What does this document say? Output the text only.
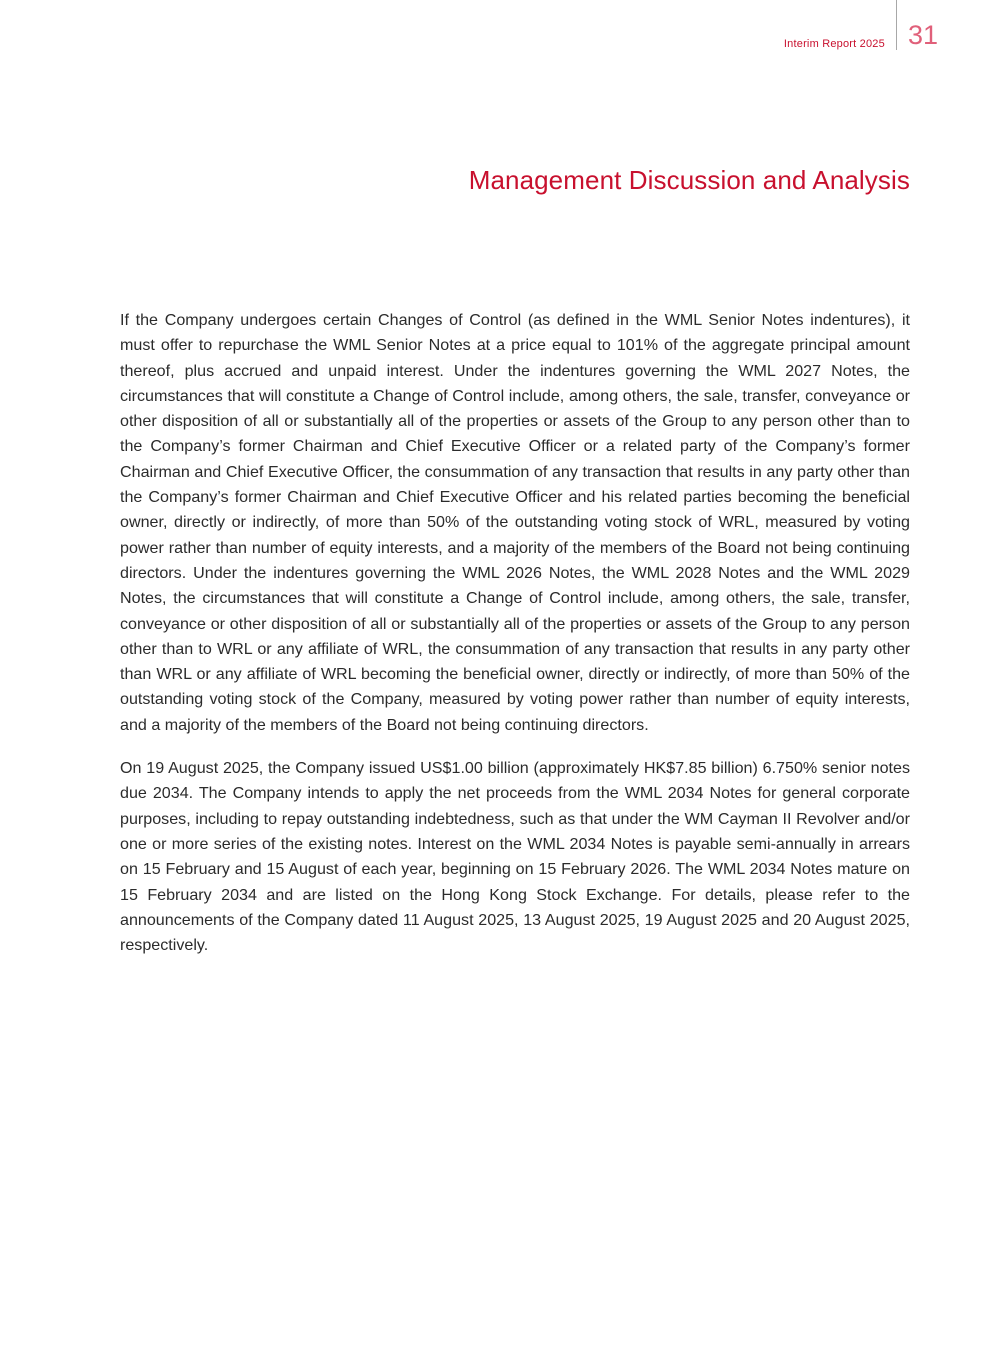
Interim Report 2025 31
Management Discussion and Analysis

If the Company undergoes certain Changes of Control (as defined in the WML Senior Notes indentures), it must offer to repurchase the WML Senior Notes at a price equal to 101% of the aggregate principal amount thereof, plus accrued and unpaid interest. Under the indentures governing the WML 2027 Notes, the circumstances that will constitute a Change of Control include, among others, the sale, transfer, conveyance or other disposition of all or substantially all of the properties or assets of the Group to any person other than to the Company’s former Chairman and Chief Executive Officer or a related party of the Company’s former Chairman and Chief Executive Officer, the consummation of any transaction that results in any party other than the Company’s former Chairman and Chief Executive Officer and his related parties becoming the beneficial owner, directly or indirectly, of more than 50% of the outstanding voting stock of WRL, measured by voting power rather than number of equity interests, and a majority of the members of the Board not being continuing directors. Under the indentures governing the WML 2026 Notes, the WML 2028 Notes and the WML 2029 Notes, the circumstances that will constitute a Change of Control include, among others, the sale, transfer, conveyance or other disposition of all or substantially all of the properties or assets of the Group to any person other than to WRL or any affiliate of WRL, the consummation of any transaction that results in any party other than WRL or any affiliate of WRL becoming the beneficial owner, directly or indirectly, of more than 50% of the outstanding voting stock of the Company, measured by voting power rather than number of equity interests, and a majority of the members of the Board not being continuing directors.

On 19 August 2025, the Company issued US$1.00 billion (approximately HK$7.85 billion) 6.750% senior notes due 2034. The Company intends to apply the net proceeds from the WML 2034 Notes for general corporate purposes, including to repay outstanding indebtedness, such as that under the WM Cayman II Revolver and/or one or more series of the existing notes. Interest on the WML 2034 Notes is payable semi-annually in arrears on 15 February and 15 August of each year, beginning on 15 February 2026. The WML 2034 Notes mature on 15 February 2034 and are listed on the Hong Kong Stock Exchange. For details, please refer to the announcements of the Company dated 11 August 2025, 13 August 2025, 19 August 2025 and 20 August 2025, respectively.
